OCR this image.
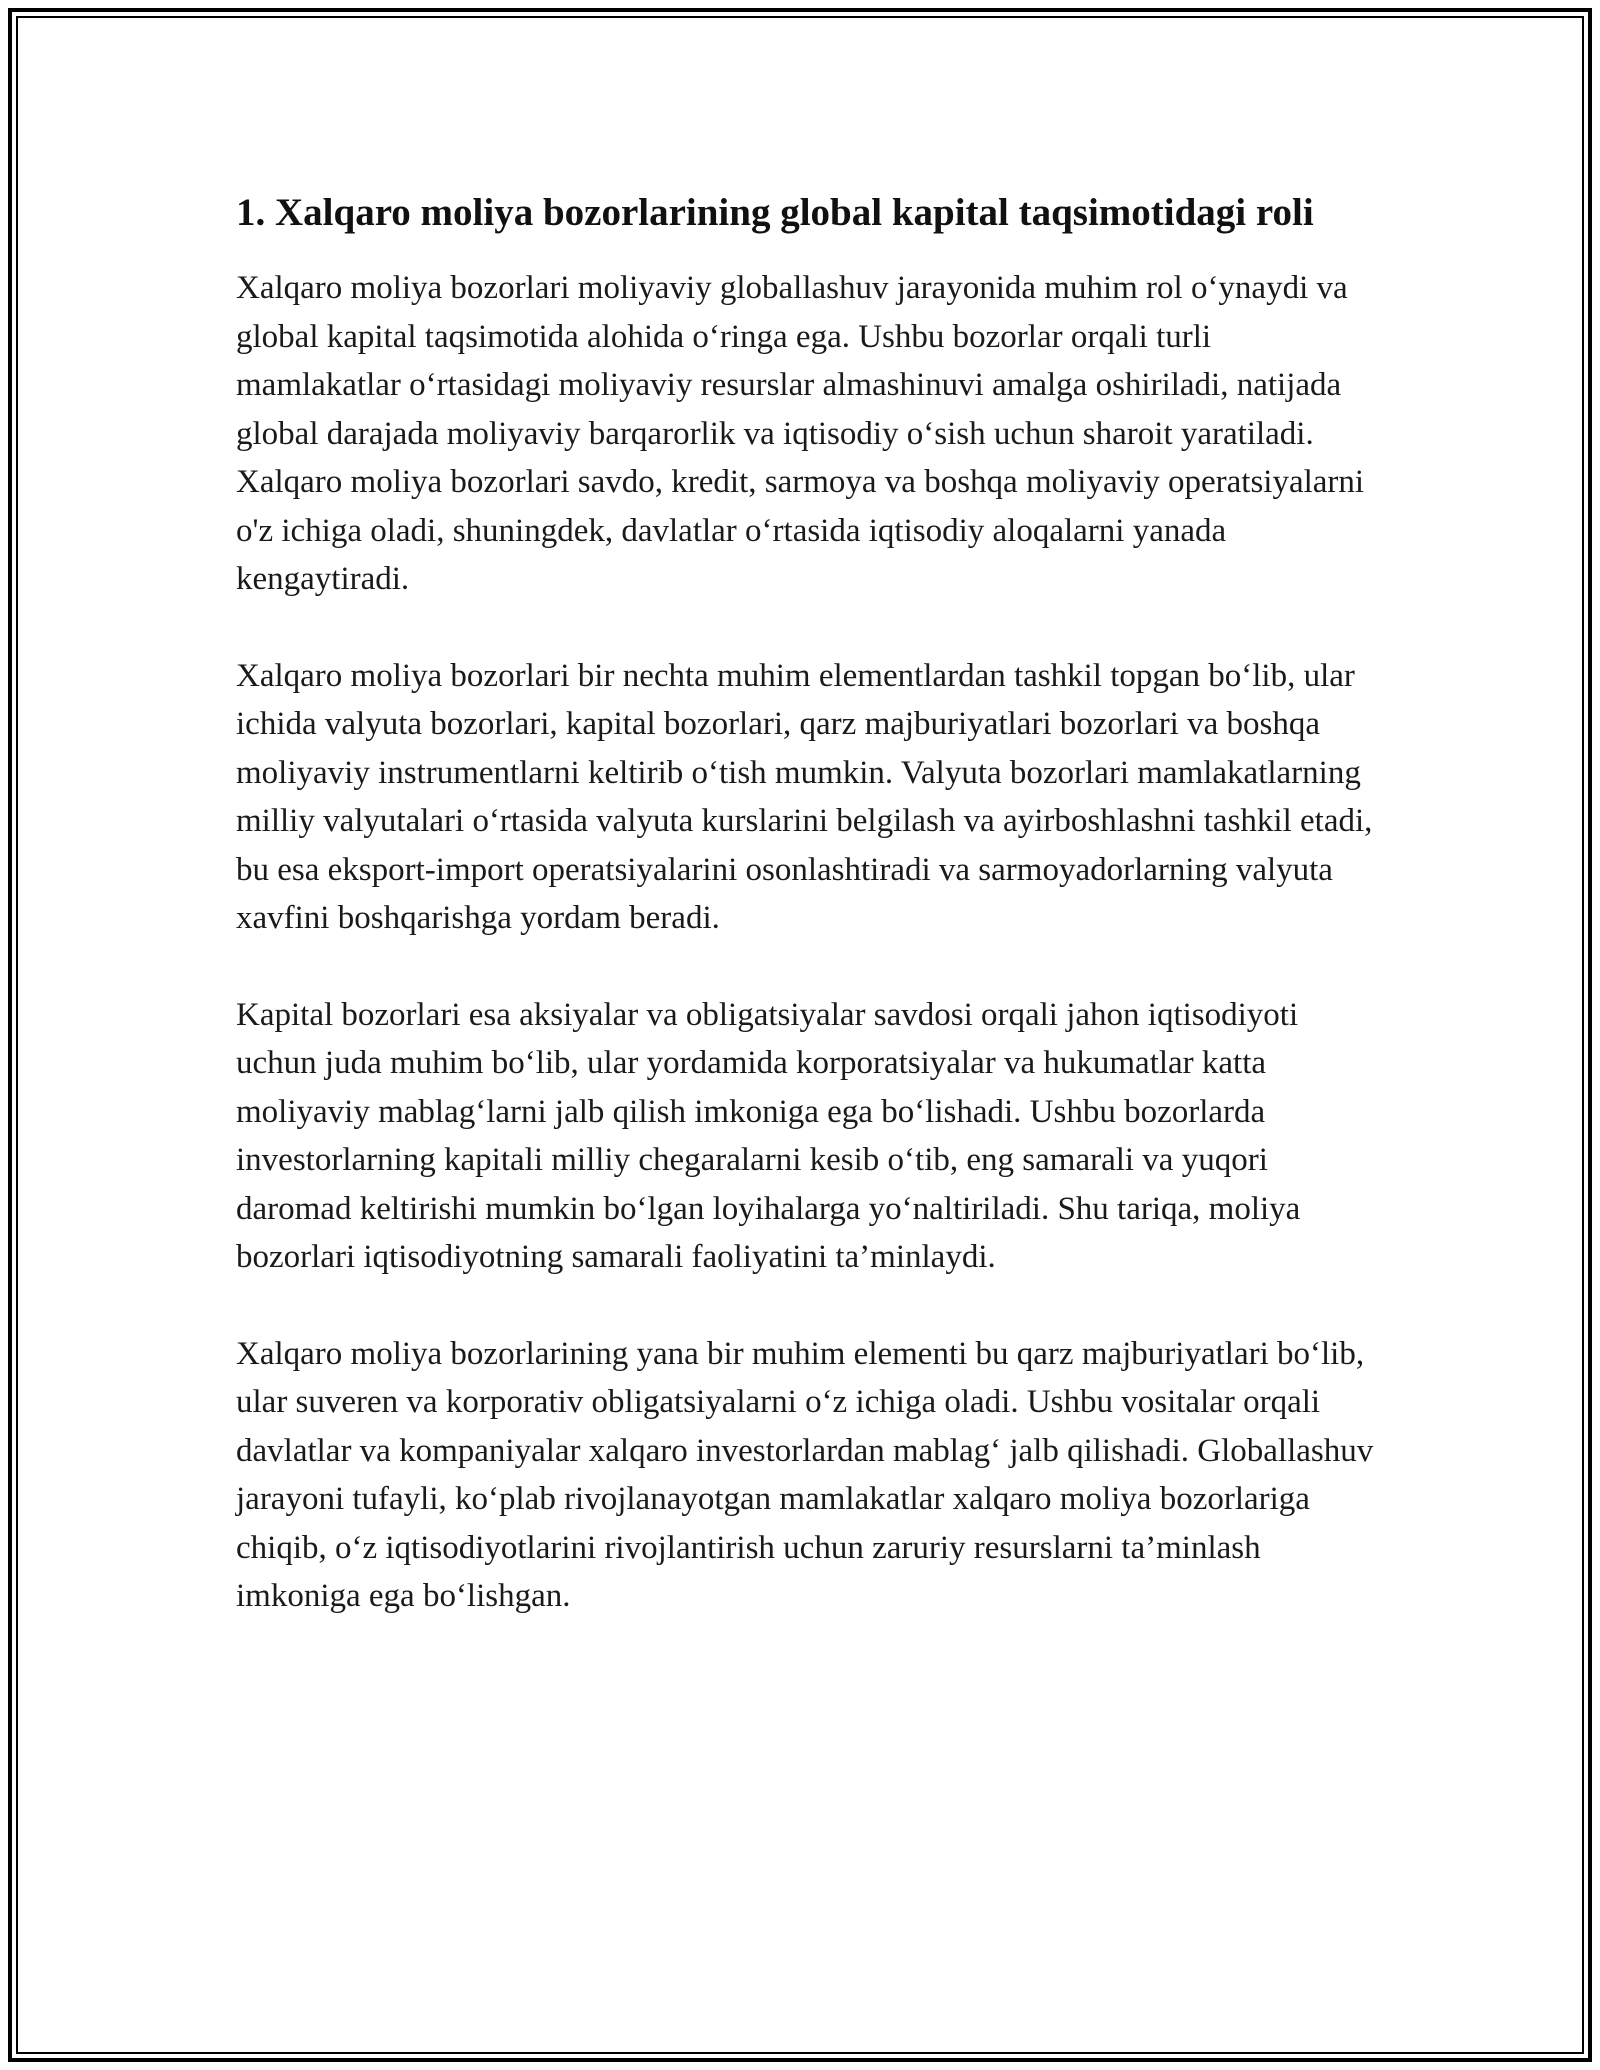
1. Xalqaro moliya bozorlarining global kapital taqsimotidagi roli

Xalqaro moliya bozorlari moliyaviy globallashuv jarayonida muhim rol o‘ynaydi va global kapital taqsimotida alohida o‘ringa ega. Ushbu bozorlar orqali turli mamlakatlar o‘rtasidagi moliyaviy resurslar almashinuvi amalga oshiriladi, natijada global darajada moliyaviy barqarorlik va iqtisodiy o‘sish uchun sharoit yaratiladi. Xalqaro moliya bozorlari savdo, kredit, sarmoya va boshqa moliyaviy operatsiyalarni o'z ichiga oladi, shuningdek, davlatlar o‘rtasida iqtisodiy aloqalarni yanada kengaytiradi.

Xalqaro moliya bozorlari bir nechta muhim elementlardan tashkil topgan bo‘lib, ular ichida valyuta bozorlari, kapital bozorlari, qarz majburiyatlari bozorlari va boshqa moliyaviy instrumentlarni keltirib o‘tish mumkin. Valyuta bozorlari mamlakatlarning milliy valyutalari o‘rtasida valyuta kurslarini belgilash va ayirboshlashni tashkil etadi, bu esa eksport-import operatsiyalarini osonlashtiradi va sarmoyadorlarning valyuta xavfini boshqarishga yordam beradi.

Kapital bozorlari esa aksiyalar va obligatsiyalar savdosi orqali jahon iqtisodiyoti uchun juda muhim bo‘lib, ular yordamida korporatsiyalar va hukumatlar katta moliyaviy mablag‘larni jalb qilish imkoniga ega bo‘lishadi. Ushbu bozorlarda investorlarning kapitali milliy chegaralarni kesib o‘tib, eng samarali va yuqori daromad keltirishi mumkin bo‘lgan loyihalarga yo‘naltiriladi. Shu tariqa, moliya bozorlari iqtisodiyotning samarali faoliyatini ta’minlaydi.

Xalqaro moliya bozorlarining yana bir muhim elementi bu qarz majburiyatlari bo‘lib, ular suveren va korporativ obligatsiyalarni o‘z ichiga oladi. Ushbu vositalar orqali davlatlar va kompaniyalar xalqaro investorlardan mablag‘ jalb qilishadi. Globallashuv jarayoni tufayli, ko‘plab rivojlanayotgan mamlakatlar xalqaro moliya bozorlariga chiqib, o‘z iqtisodiyotlarini rivojlantirish uchun zaruriy resurslarni ta’minlash imkoniga ega bo‘lishgan.
